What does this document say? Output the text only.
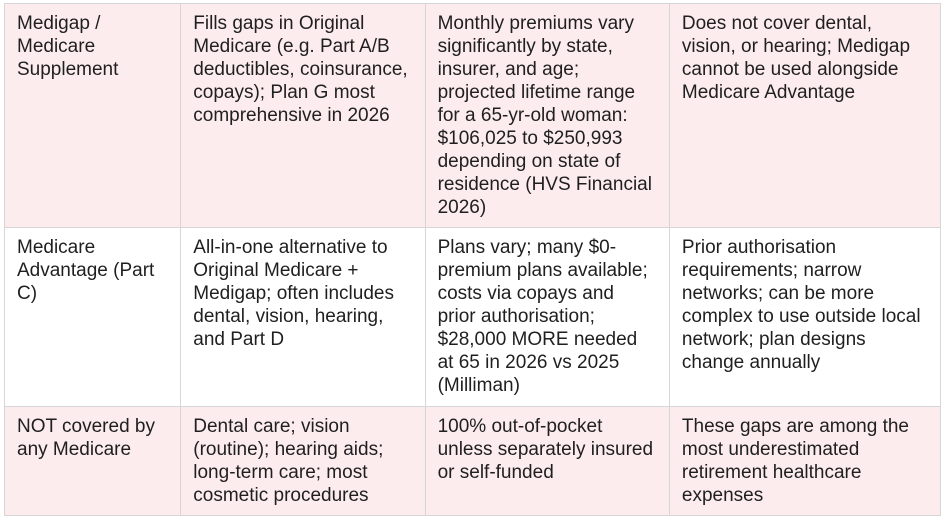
Medigap / Medicare Supplement	Fills gaps in Original Medicare (e.g. Part A/B deductibles, coinsurance, copays); Plan G most comprehensive in 2026	Monthly premiums vary significantly by state, insurer, and age; projected lifetime range for a 65-yr-old woman: $106,025 to $250,993 depending on state of residence (HVS Financial 2026)	Does not cover dental, vision, or hearing; Medigap cannot be used alongside Medicare Advantage
Medicare Advantage (Part C)	All-in-one alternative to Original Medicare + Medigap; often includes dental, vision, hearing, and Part D	Plans vary; many $0-premium plans available; costs via copays and prior authorisation; $28,000 MORE needed at 65 in 2026 vs 2025 (Milliman)	Prior authorisation requirements; narrow networks; can be more complex to use outside local network; plan designs change annually
NOT covered by any Medicare	Dental care; vision (routine); hearing aids; long-term care; most cosmetic procedures	100% out-of-pocket unless separately insured or self-funded	These gaps are among the most underestimated retirement healthcare expenses
